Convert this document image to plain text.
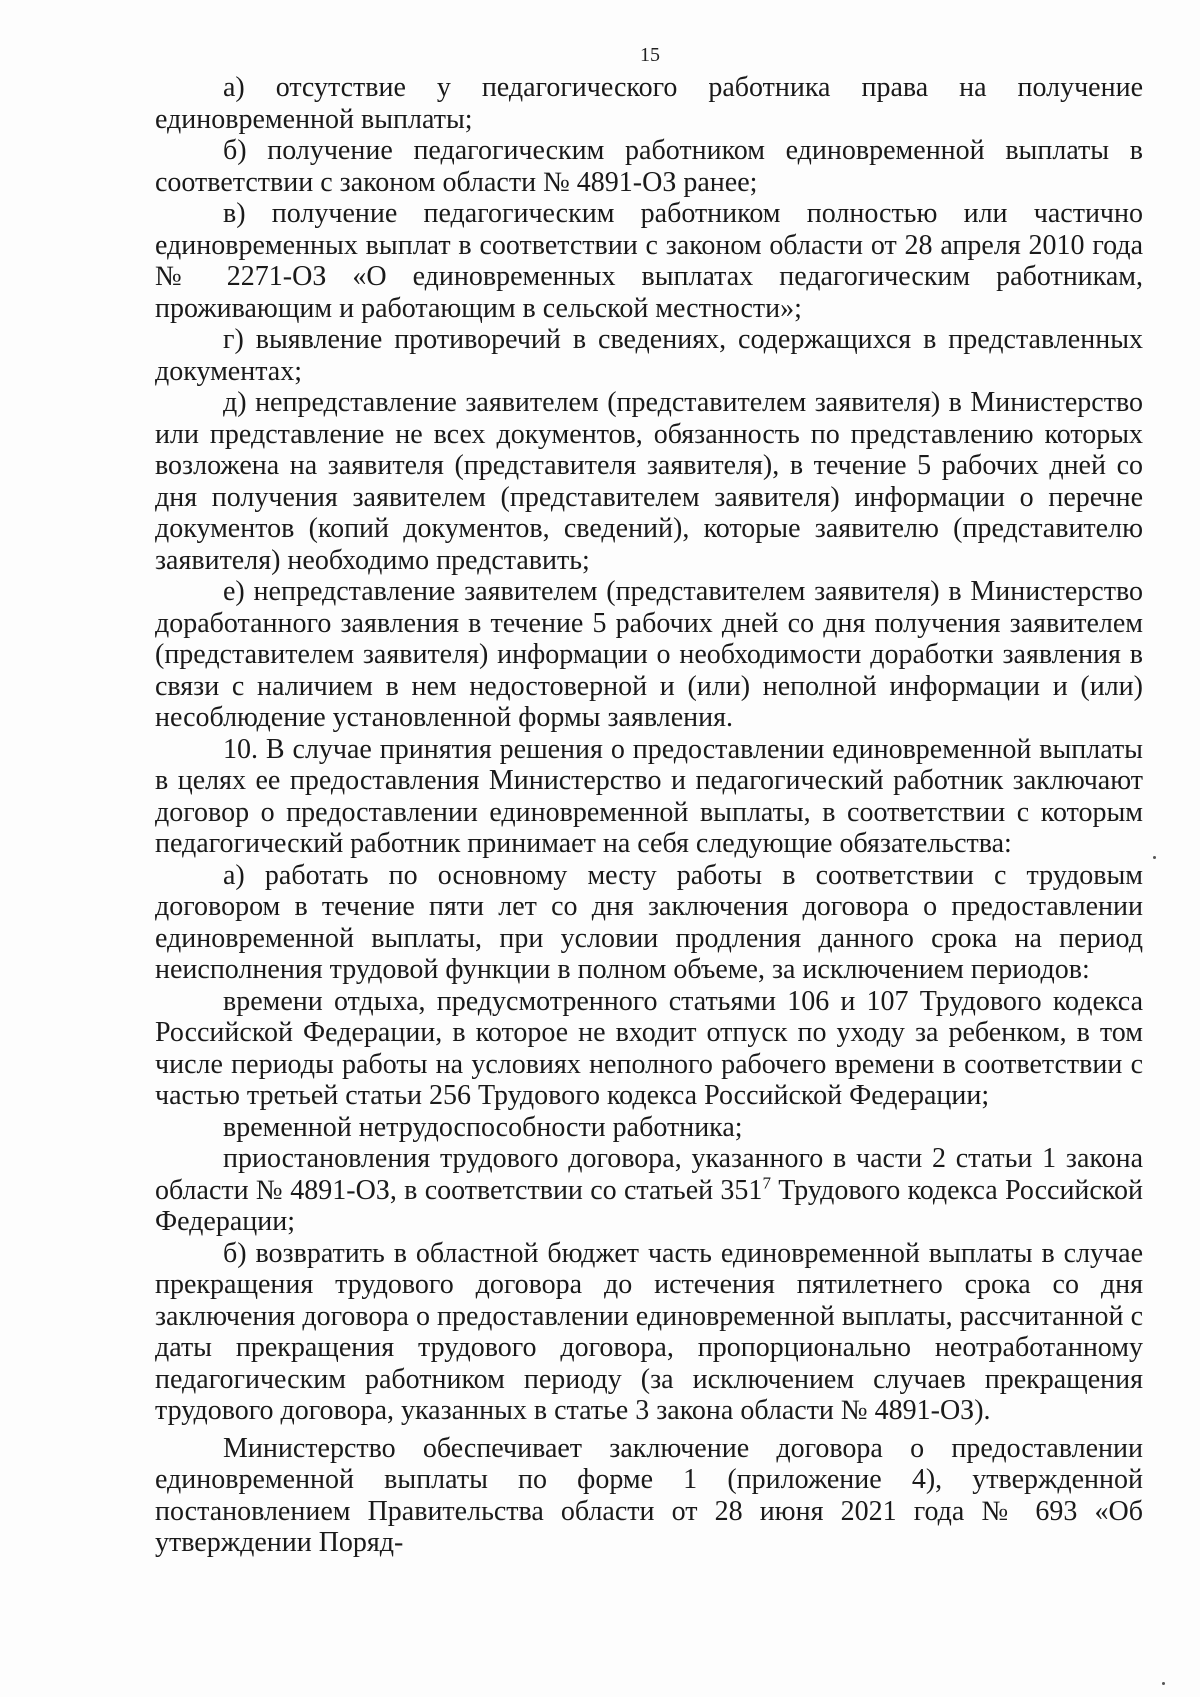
15

а) отсутствие у педагогического работника права на получение единовременной выплаты;

б) получение педагогическим работником единовременной выплаты в соответствии с законом области № 4891-ОЗ ранее;

в) получение педагогическим работником полностью или частично единовременных выплат в соответствии с законом области от 28 апреля 2010 года № 2271-ОЗ «О единовременных выплатах педагогическим работникам, проживающим и работающим в сельской местности»;

г) выявление противоречий в сведениях, содержащихся в представленных документах;

д) непредставление заявителем (представителем заявителя) в Министерство или представление не всех документов, обязанность по представлению которых возложена на заявителя (представителя заявителя), в течение 5 рабочих дней со дня получения заявителем (представителем заявителя) информации о перечне документов (копий документов, сведений), которые заявителю (представителю заявителя) необходимо представить;

е) непредставление заявителем (представителем заявителя) в Министерство доработанного заявления в течение 5 рабочих дней со дня получения заявителем (представителем заявителя) информации о необходимости доработки заявления в связи с наличием в нем недостоверной и (или) неполной информации и (или) несоблюдение установленной формы заявления.

10. В случае принятия решения о предоставлении единовременной выплаты в целях ее предоставления Министерство и педагогический работник заключают договор о предоставлении единовременной выплаты, в соответствии с которым педагогический работник принимает на себя следующие обязательства:

а) работать по основному месту работы в соответствии с трудовым договором в течение пяти лет со дня заключения договора о предоставлении единовременной выплаты, при условии продления данного срока на период неисполнения трудовой функции в полном объеме, за исключением периодов:

времени отдыха, предусмотренного статьями 106 и 107 Трудового кодекса Российской Федерации, в которое не входит отпуск по уходу за ребенком, в том числе периоды работы на условиях неполного рабочего времени в соответствии с частью третьей статьи 256 Трудового кодекса Российской Федерации;

временной нетрудоспособности работника;

приостановления трудового договора, указанного в части 2 статьи 1 закона области № 4891-ОЗ, в соответствии со статьей $351^7$ Трудового кодекса Российской Федерации;

б) возвратить в областной бюджет часть единовременной выплаты в случае прекращения трудового договора до истечения пятилетнего срока со дня заключения договора о предоставлении единовременной выплаты, рассчитанной с даты прекращения трудового договора, пропорционально неотработанному педагогическим работником периоду (за исключением случаев прекращения трудового договора, указанных в статье 3 закона области № 4891-ОЗ).

Министерство обеспечивает заключение договора о предоставлении единовременной выплаты по форме 1 (приложение 4), утвержденной постановлением Правительства области от 28 июня 2021 года № 693 «Об утверждении Поряд-
